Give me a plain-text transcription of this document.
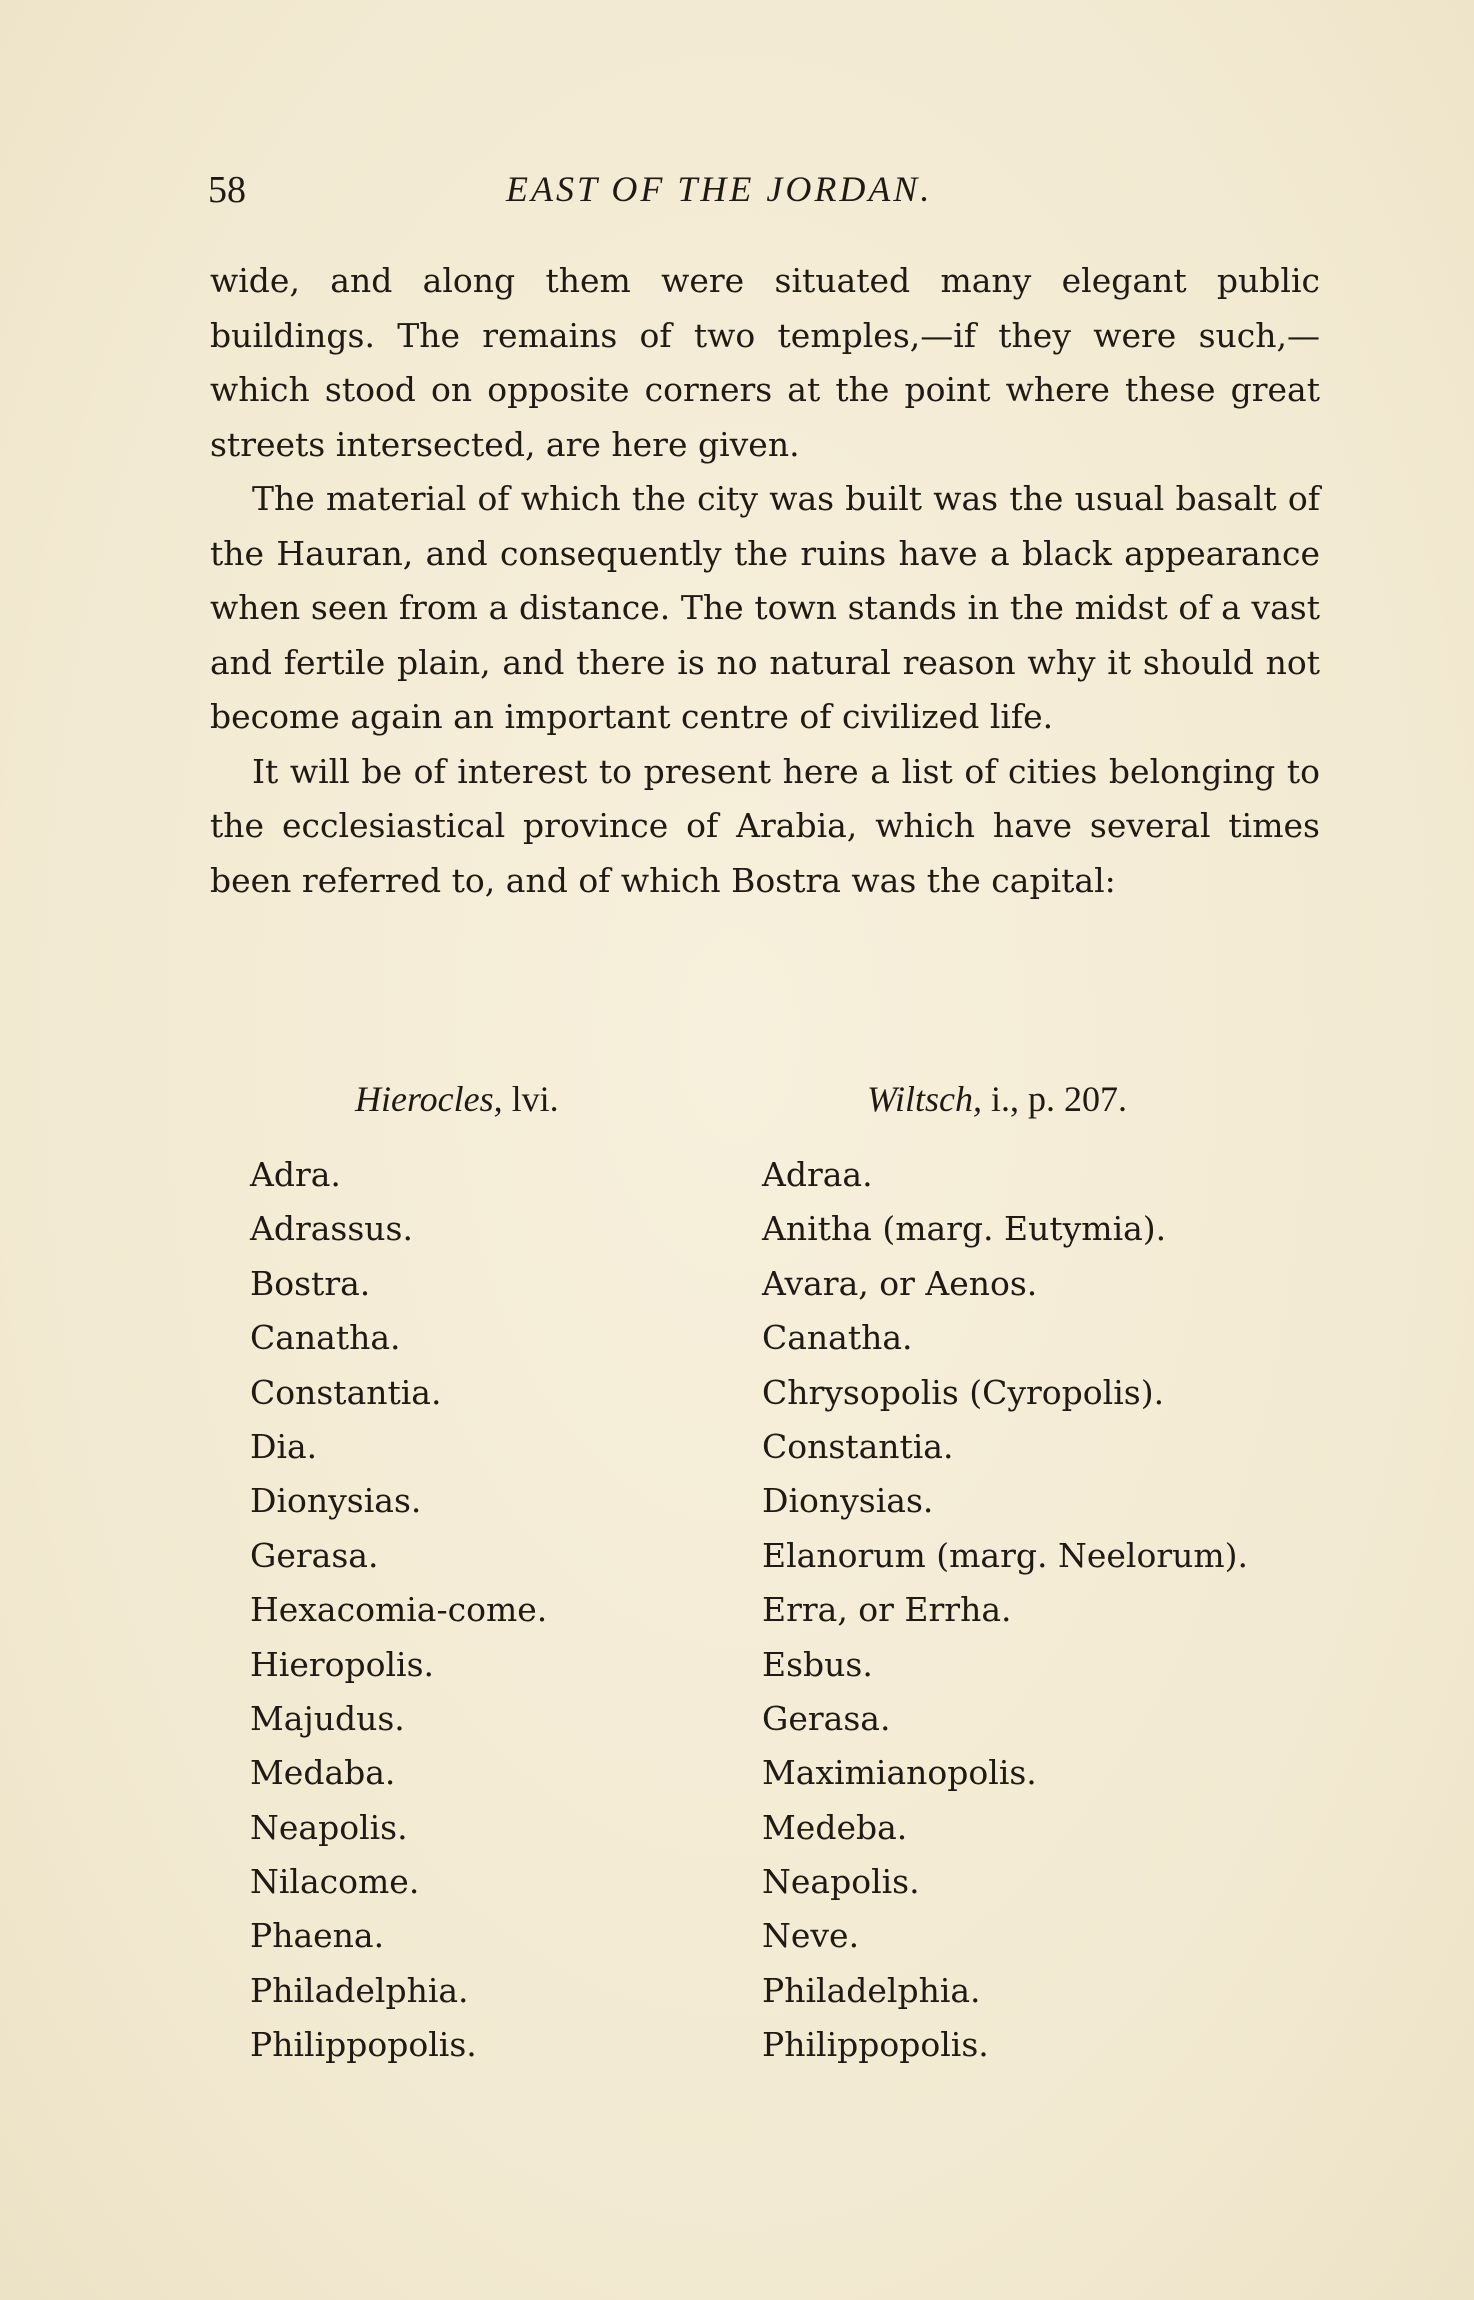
58	EAST OF THE JORDAN.

wide, and along them were situated many elegant public buildings. The remains of two temples,—if they were such,—which stood on opposite corners at the point where these great streets intersected, are here given.

The material of which the city was built was the usual basalt of the Hauran, and consequently the ruins have a black appearance when seen from a distance. The town stands in the midst of a vast and fertile plain, and there is no natural reason why it should not become again an important centre of civilized life.

It will be of interest to present here a list of cities belonging to the ecclesiastical province of Arabia, which have several times been referred to, and of which Bostra was the capital:

Hierocles, lvi.
Adra.
Adrassus.
Bostra.
Canatha.
Constantia.
Dia.
Dionysias.
Gerasa.
Hexacomia-come.
Hieropolis.
Majudus.
Medaba.
Neapolis.
Nilacome.
Phaena.
Philadelphia.
Philippopolis.
Wiltsch, i., p. 207.
Adraa.
Anitha (marg. Eutymia).
Avara, or Aenos.
Canatha.
Chrysopolis (Cyropolis).
Constantia.
Dionysias.
Elanorum (marg. Neelorum).
Erra, or Errha.
Esbus.
Gerasa.
Maximianopolis.
Medeba.
Neapolis.
Neve.
Philadelphia.
Philippopolis.
